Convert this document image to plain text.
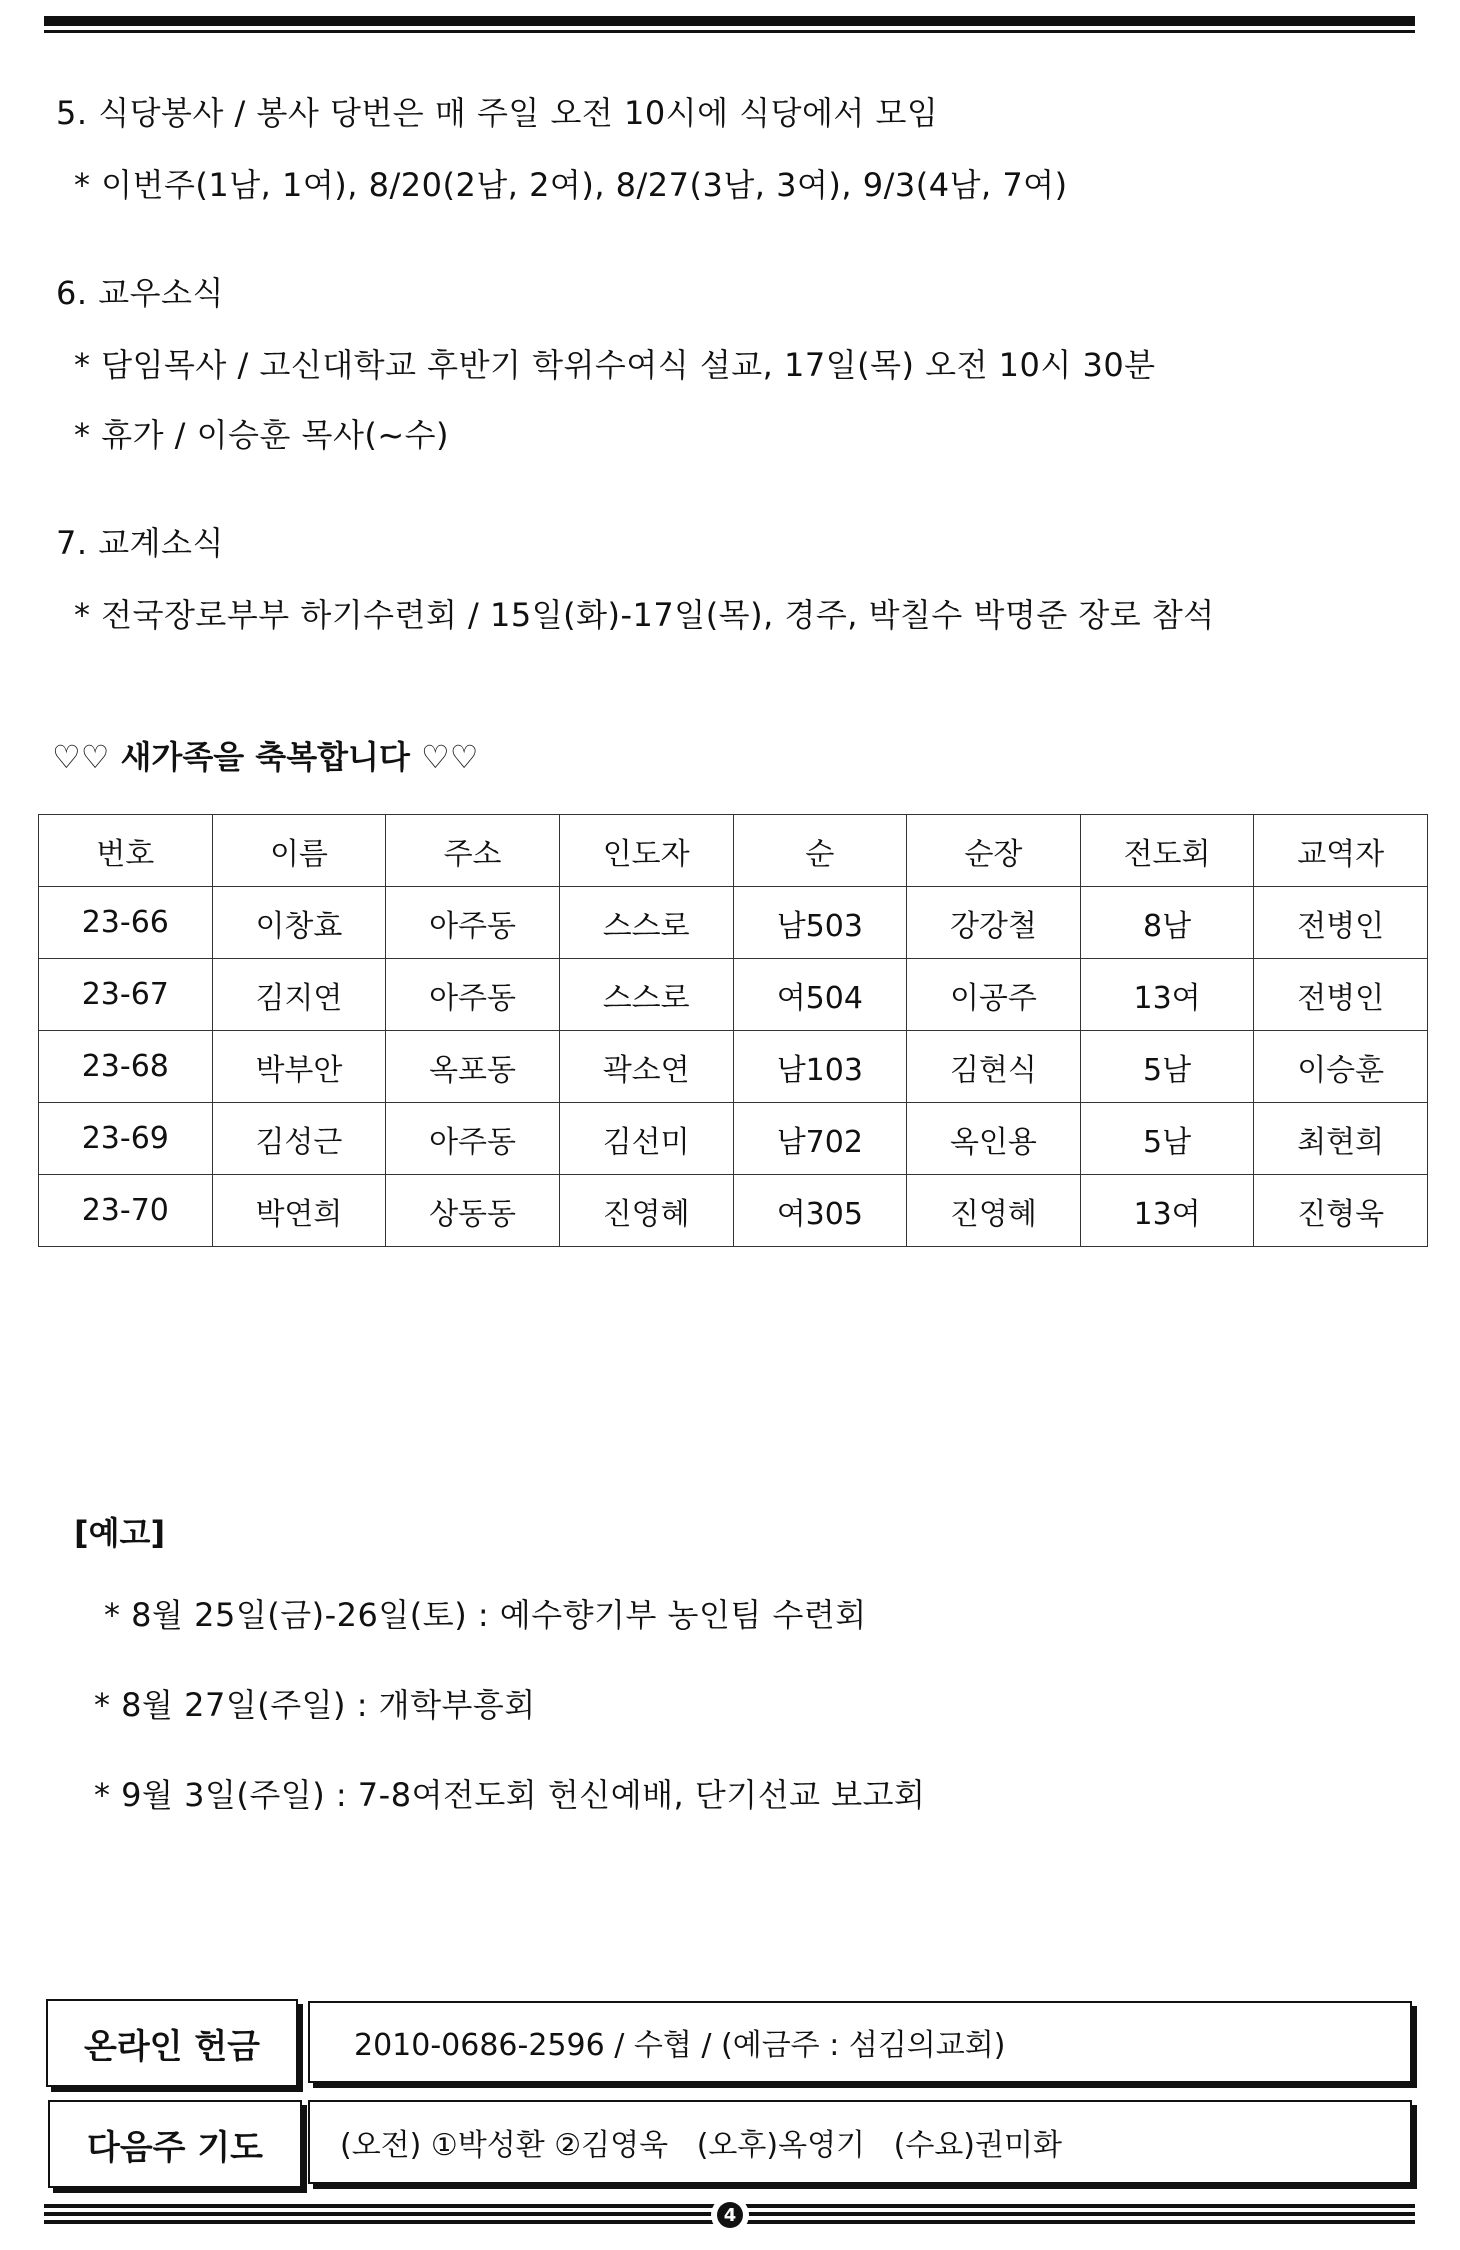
5. 식당봉사 / 봉사 당번은 매 주일 오전 10시에 식당에서 모임
* 이번주(1남, 1여), 8/20(2남, 2여), 8/27(3남, 3여), 9/3(4남, 7여)
6. 교우소식
* 담임목사 / 고신대학교 후반기 학위수여식 설교, 17일(목) 오전 10시 30분
* 휴가 / 이승훈 목사(~수)
7. 교계소식
* 전국장로부부 하기수련회 / 15일(화)-17일(목), 경주, 박칠수 박명준 장로 참석
♡♡ 새가족을 축복합니다 ♡♡
번호	이름	주소	인도자	순	순장	전도회	교역자
23-66	이창효	아주동	스스로	남503	강강철	8남	전병인
23-67	김지연	아주동	스스로	여504	이공주	13여	전병인
23-68	박부안	옥포동	곽소연	남103	김현식	5남	이승훈
23-69	김성근	아주동	김선미	남702	옥인용	5남	최현희
23-70	박연희	상동동	진영혜	여305	진영혜	13여	진형욱
[예고]
* 8월 25일(금)-26일(토) : 예수향기부 농인팀 수련회
* 8월 27일(주일) : 개학부흥회
* 9월 3일(주일) : 7-8여전도회 헌신예배, 단기선교 보고회
온라인 헌금	2010-0686-2596 / 수협 / (예금주 : 섬김의교회)
다음주 기도	(오전) ①박성환 ②김영욱   (오후)옥영기   (수요)권미화
4
